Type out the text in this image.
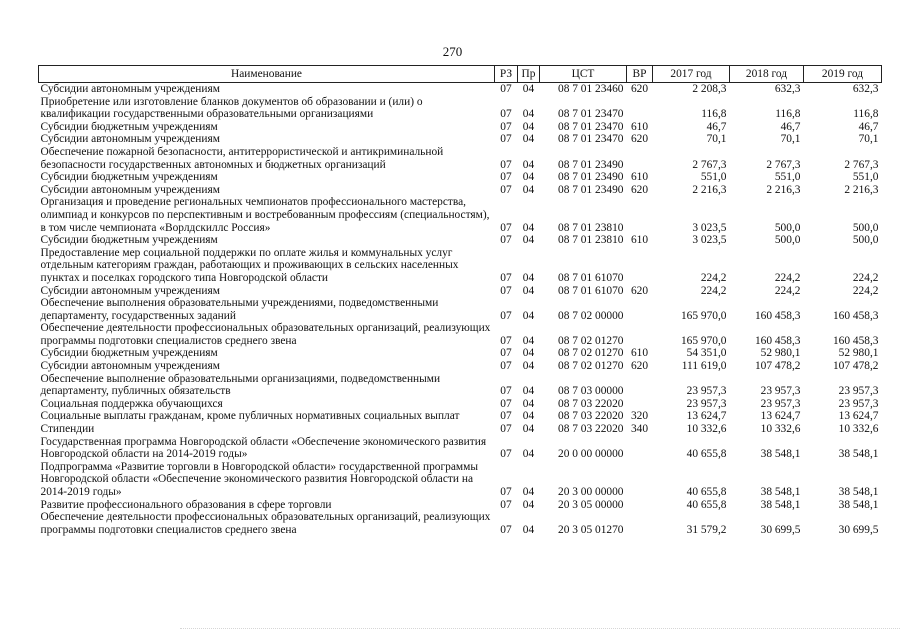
270
Наименование	РЗ	Пр	ЦСТ	ВР	2017 год	2018 год	2019 год
Субсидии автономным учреждениям	07	04	08 7 01 23460	620	2 208,3	632,3	632,3
Приобретение или изготовление бланков документов об образовании и (или) о квалификации государственными образовательными организациями	07	04	08 7 01 23470		116,8	116,8	116,8
Субсидии бюджетным учреждениям	07	04	08 7 01 23470	610	46,7	46,7	46,7
Субсидии автономным учреждениям	07	04	08 7 01 23470	620	70,1	70,1	70,1
Обеспечение пожарной безопасности, антитеррористической и антикриминальной безопасности государственных автономных и бюджетных организаций	07	04	08 7 01 23490		2 767,3	2 767,3	2 767,3
Субсидии бюджетным учреждениям	07	04	08 7 01 23490	610	551,0	551,0	551,0
Субсидии автономным учреждениям	07	04	08 7 01 23490	620	2 216,3	2 216,3	2 216,3
Организация и проведение региональных чемпионатов профессионального мастерства, олимпиад и конкурсов по перспективным и востребованным профессиям (специальностям), в том числе чемпионата «Ворлдскиллс Россия»	07	04	08 7 01 23810		3 023,5	500,0	500,0
Субсидии бюджетным учреждениям	07	04	08 7 01 23810	610	3 023,5	500,0	500,0
Предоставление мер социальной поддержки по оплате жилья и коммунальных услуг отдельным категориям граждан, работающих и проживающих в сельских населенных пунктах и поселках городского типа Новгородской области	07	04	08 7 01 61070		224,2	224,2	224,2
Субсидии автономным учреждениям	07	04	08 7 01 61070	620	224,2	224,2	224,2
Обеспечение выполнения образовательными учреждениями, подведомственными департаменту, государственных заданий	07	04	08 7 02 00000		165 970,0	160 458,3	160 458,3
Обеспечение деятельности профессиональных образовательных организаций, реализующих программы подготовки специалистов среднего звена	07	04	08 7 02 01270		165 970,0	160 458,3	160 458,3
Субсидии бюджетным учреждениям	07	04	08 7 02 01270	610	54 351,0	52 980,1	52 980,1
Субсидии автономным учреждениям	07	04	08 7 02 01270	620	111 619,0	107 478,2	107 478,2
Обеспечение выполнение образовательными организациями, подведомственными департаменту, публичных обязательств	07	04	08 7 03 00000		23 957,3	23 957,3	23 957,3
Социальная поддержка обучающихся	07	04	08 7 03 22020		23 957,3	23 957,3	23 957,3
Социальные выплаты гражданам, кроме публичных нормативных социальных выплат	07	04	08 7 03 22020	320	13 624,7	13 624,7	13 624,7
Стипендии	07	04	08 7 03 22020	340	10 332,6	10 332,6	10 332,6
Государственная программа Новгородской области «Обеспечение экономического развития Новгородской области на 2014-2019 годы»	07	04	20 0 00 00000		40 655,8	38 548,1	38 548,1
Подпрограмма «Развитие торговли в Новгородской области» государственной программы Новгородской области «Обеспечение экономического развития Новгородской области на 2014-2019 годы»	07	04	20 3 00 00000		40 655,8	38 548,1	38 548,1
Развитие профессионального образования в сфере торговли	07	04	20 3 05 00000		40 655,8	38 548,1	38 548,1
Обеспечение деятельности профессиональных образовательных организаций, реализующих программы подготовки специалистов среднего звена	07	04	20 3 05 01270		31 579,2	30 699,5	30 699,5
